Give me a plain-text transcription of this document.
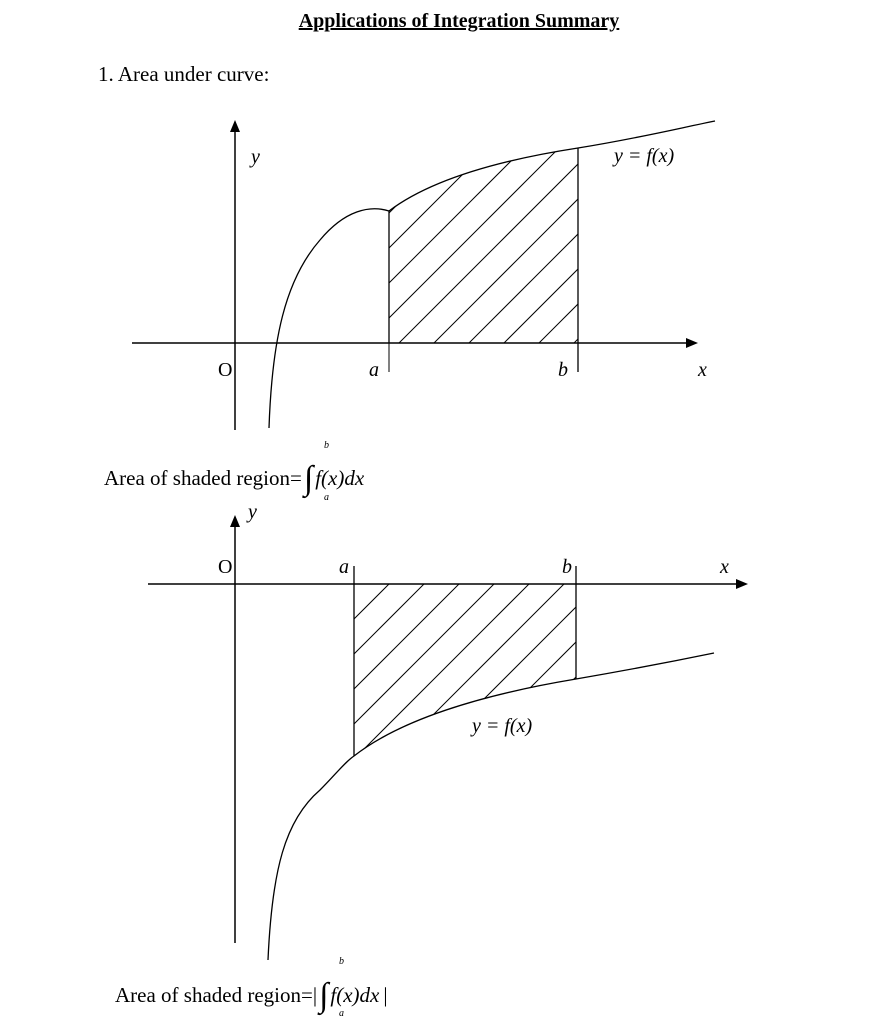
Applications of Integration Summary
1. Area under curve:
y
x
O	a	b
y = f(x)
y
x
O	a	b
y = f(x)
Area of shaded region=∫f(x)dx
b
a
Area of shaded region=|∫f(x)dx |
b
a
